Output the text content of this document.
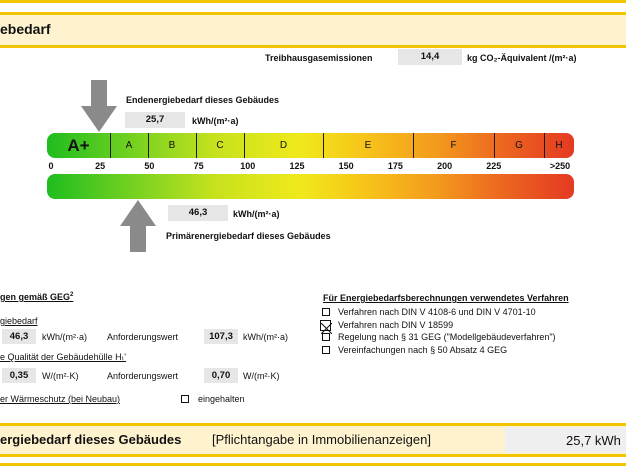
ebedarf
Treibhausgasemissionen	14,4	kg CO₂-Äquivalent /(m²·a)
Endenergiebedarf dieses Gebäudes
25,7	kWh/(m²·a)
A+	A	B	C	D	E	F	G	H
0	25	50	75	100	125	150	175	200	225	>250
46,3	kWh/(m²·a)
Primärenergiebedarf dieses Gebäudes
gen gemäß GEG$^2$
giebedarf
46,3	kWh/(m²·a) Anforderungswert	107,3	kWh/(m²·a)
e Qualität der Gebäudehülle Hₜ'
0,35	W/(m²·K)	Anforderungswert	0,70	W/(m²·K)
er Wärmeschutz (bei Neubau)	eingehalten
Für Energiebedarfsberechnungen verwendetes Verfahren
Verfahren nach DIN V 4108-6 und DIN V 4701-10
Verfahren nach DIN V 18599
Regelung nach § 31 GEG ("Modellgebäudeverfahren")
Vereinfachungen nach § 50 Absatz 4 GEG
ergiebedarf dieses Gebäudes [Pflichtangabe in Immobilienanzeigen]	25,7 kWh
